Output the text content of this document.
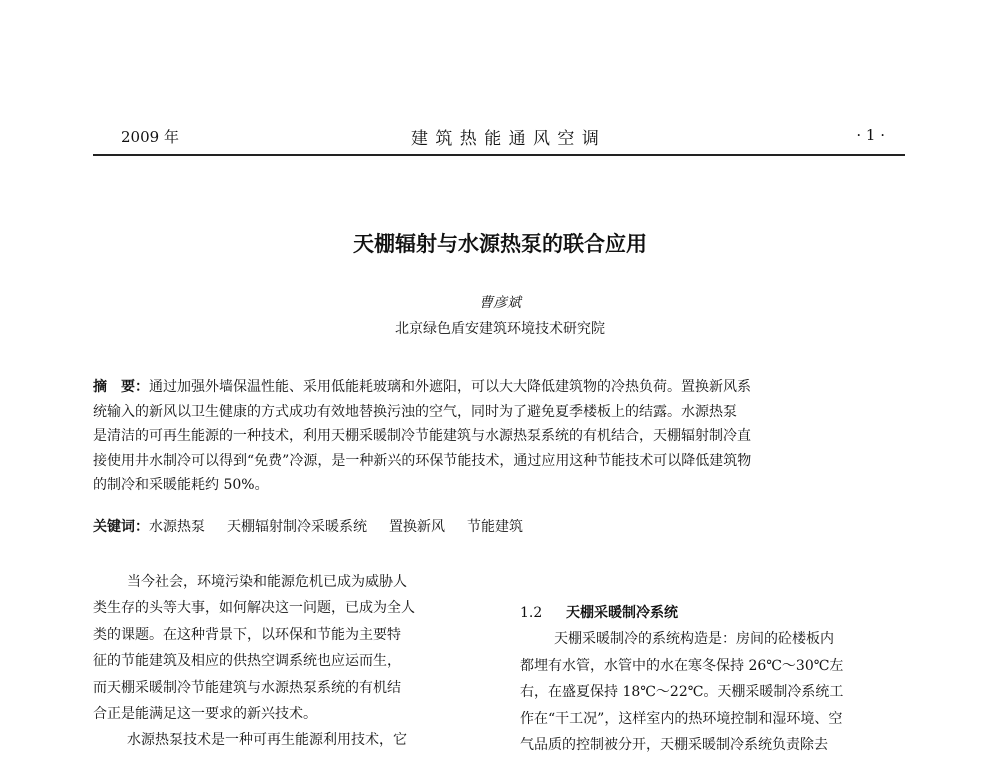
2009 年	建 筑 热 能 通 风 空 调	· 1 ·
天棚辐射与水源热泵的联合应用
曹彦斌
北京绿色盾安建筑环境技术研究院
摘　要：通过加强外墙保温性能、采用低能耗玻璃和外遮阳，可以大大降低建筑物的冷热负荷。置换新风系
统输入的新风以卫生健康的方式成功有效地替换污浊的空气，同时为了避免夏季楼板上的结露。水源热泵
是清洁的可再生能源的一种技术，利用天棚采暖制冷节能建筑与水源热泵系统的有机结合，天棚辐射制冷直
接使用井水制冷可以得到“免费”冷源，是一种新兴的环保节能技术，通过应用这种节能技术可以降低建筑物
的制冷和采暖能耗约 50%。
关键词：水源热泵 天棚辐射制冷采暖系统 置换新风 节能建筑
当今社会，环境污染和能源危机已成为威胁人
类生存的头等大事，如何解决这一问题，已成为全人
类的课题。在这种背景下，以环保和节能为主要特
征的节能建筑及相应的供热空调系统也应运而生，
而天棚采暖制冷节能建筑与水源热泵系统的有机结
合正是能满足这一要求的新兴技术。
水源热泵技术是一种可再生能源利用技术，它
1.2 天棚采暖制冷系统
天棚采暖制冷的系统构造是：房间的砼楼板内
都埋有水管，水管中的水在寒冬保持 26℃～30℃左
右，在盛夏保持 18℃～22℃。天棚采暖制冷系统工
作在“干工况”，这样室内的热环境控制和湿环境、空
气品质的控制被分开，天棚采暖制冷系统负责除去
